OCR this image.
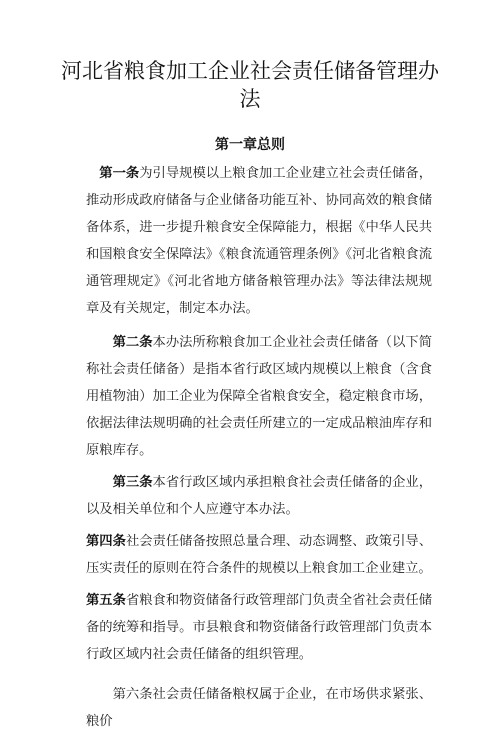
河北省粮食加工企业社会责任储备管理办
法
第一章总则

第一条为引导规模以上粮食加工企业建立社会责任储备，推动形成政府储备与企业储备功能互补、协同高效的粮食储备体系，进一步提升粮食安全保障能力，根据《中华人民共和国粮食安全保障法》《粮食流通管理条例》《河北省粮食流通管理规定》《河北省地方储备粮管理办法》等法律法规规章及有关规定，制定本办法。

第二条本办法所称粮食加工企业社会责任储备（以下简称社会责任储备）是指本省行政区域内规模以上粮食（含食用植物油）加工企业为保障全省粮食安全，稳定粮食市场，依据法律法规明确的社会责任所建立的一定成品粮油库存和原粮库存。

第三条本省行政区域内承担粮食社会责任储备的企业，以及相关单位和个人应遵守本办法。

第四条社会责任储备按照总量合理、动态调整、政策引导、压实责任的原则在符合条件的规模以上粮食加工企业建立。

第五条省粮食和物资储备行政管理部门负责全省社会责任储备的统筹和指导。市县粮食和物资储备行政管理部门负责本行政区域内社会责任储备的组织管理。

第六条社会责任储备粮权属于企业，在市场供求紧张、粮价
